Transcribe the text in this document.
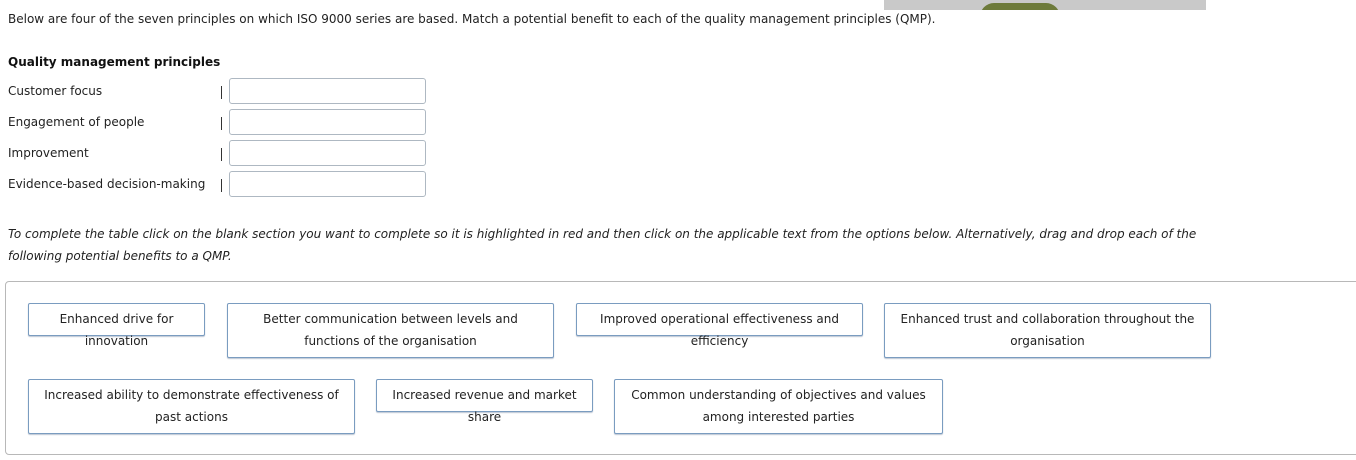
Below are four of the seven principles on which ISO 9000 series are based. Match a potential benefit to each of the quality management principles (QMP).
Quality management principles
Customer focus
Engagement of people
Improvement
Evidence-based decision-making
To complete the table click on the blank section you want to complete so it is highlighted in red and then click on the applicable text from the options below. Alternatively, drag and drop each of the following potential benefits to a QMP.
Enhanced drive for innovation
Better communication between levels and functions of the organisation
Improved operational effectiveness and efficiency
Enhanced trust and collaboration throughout the organisation
Increased ability to demonstrate effectiveness of past actions
Increased revenue and market share
Common understanding of objectives and values among interested parties
